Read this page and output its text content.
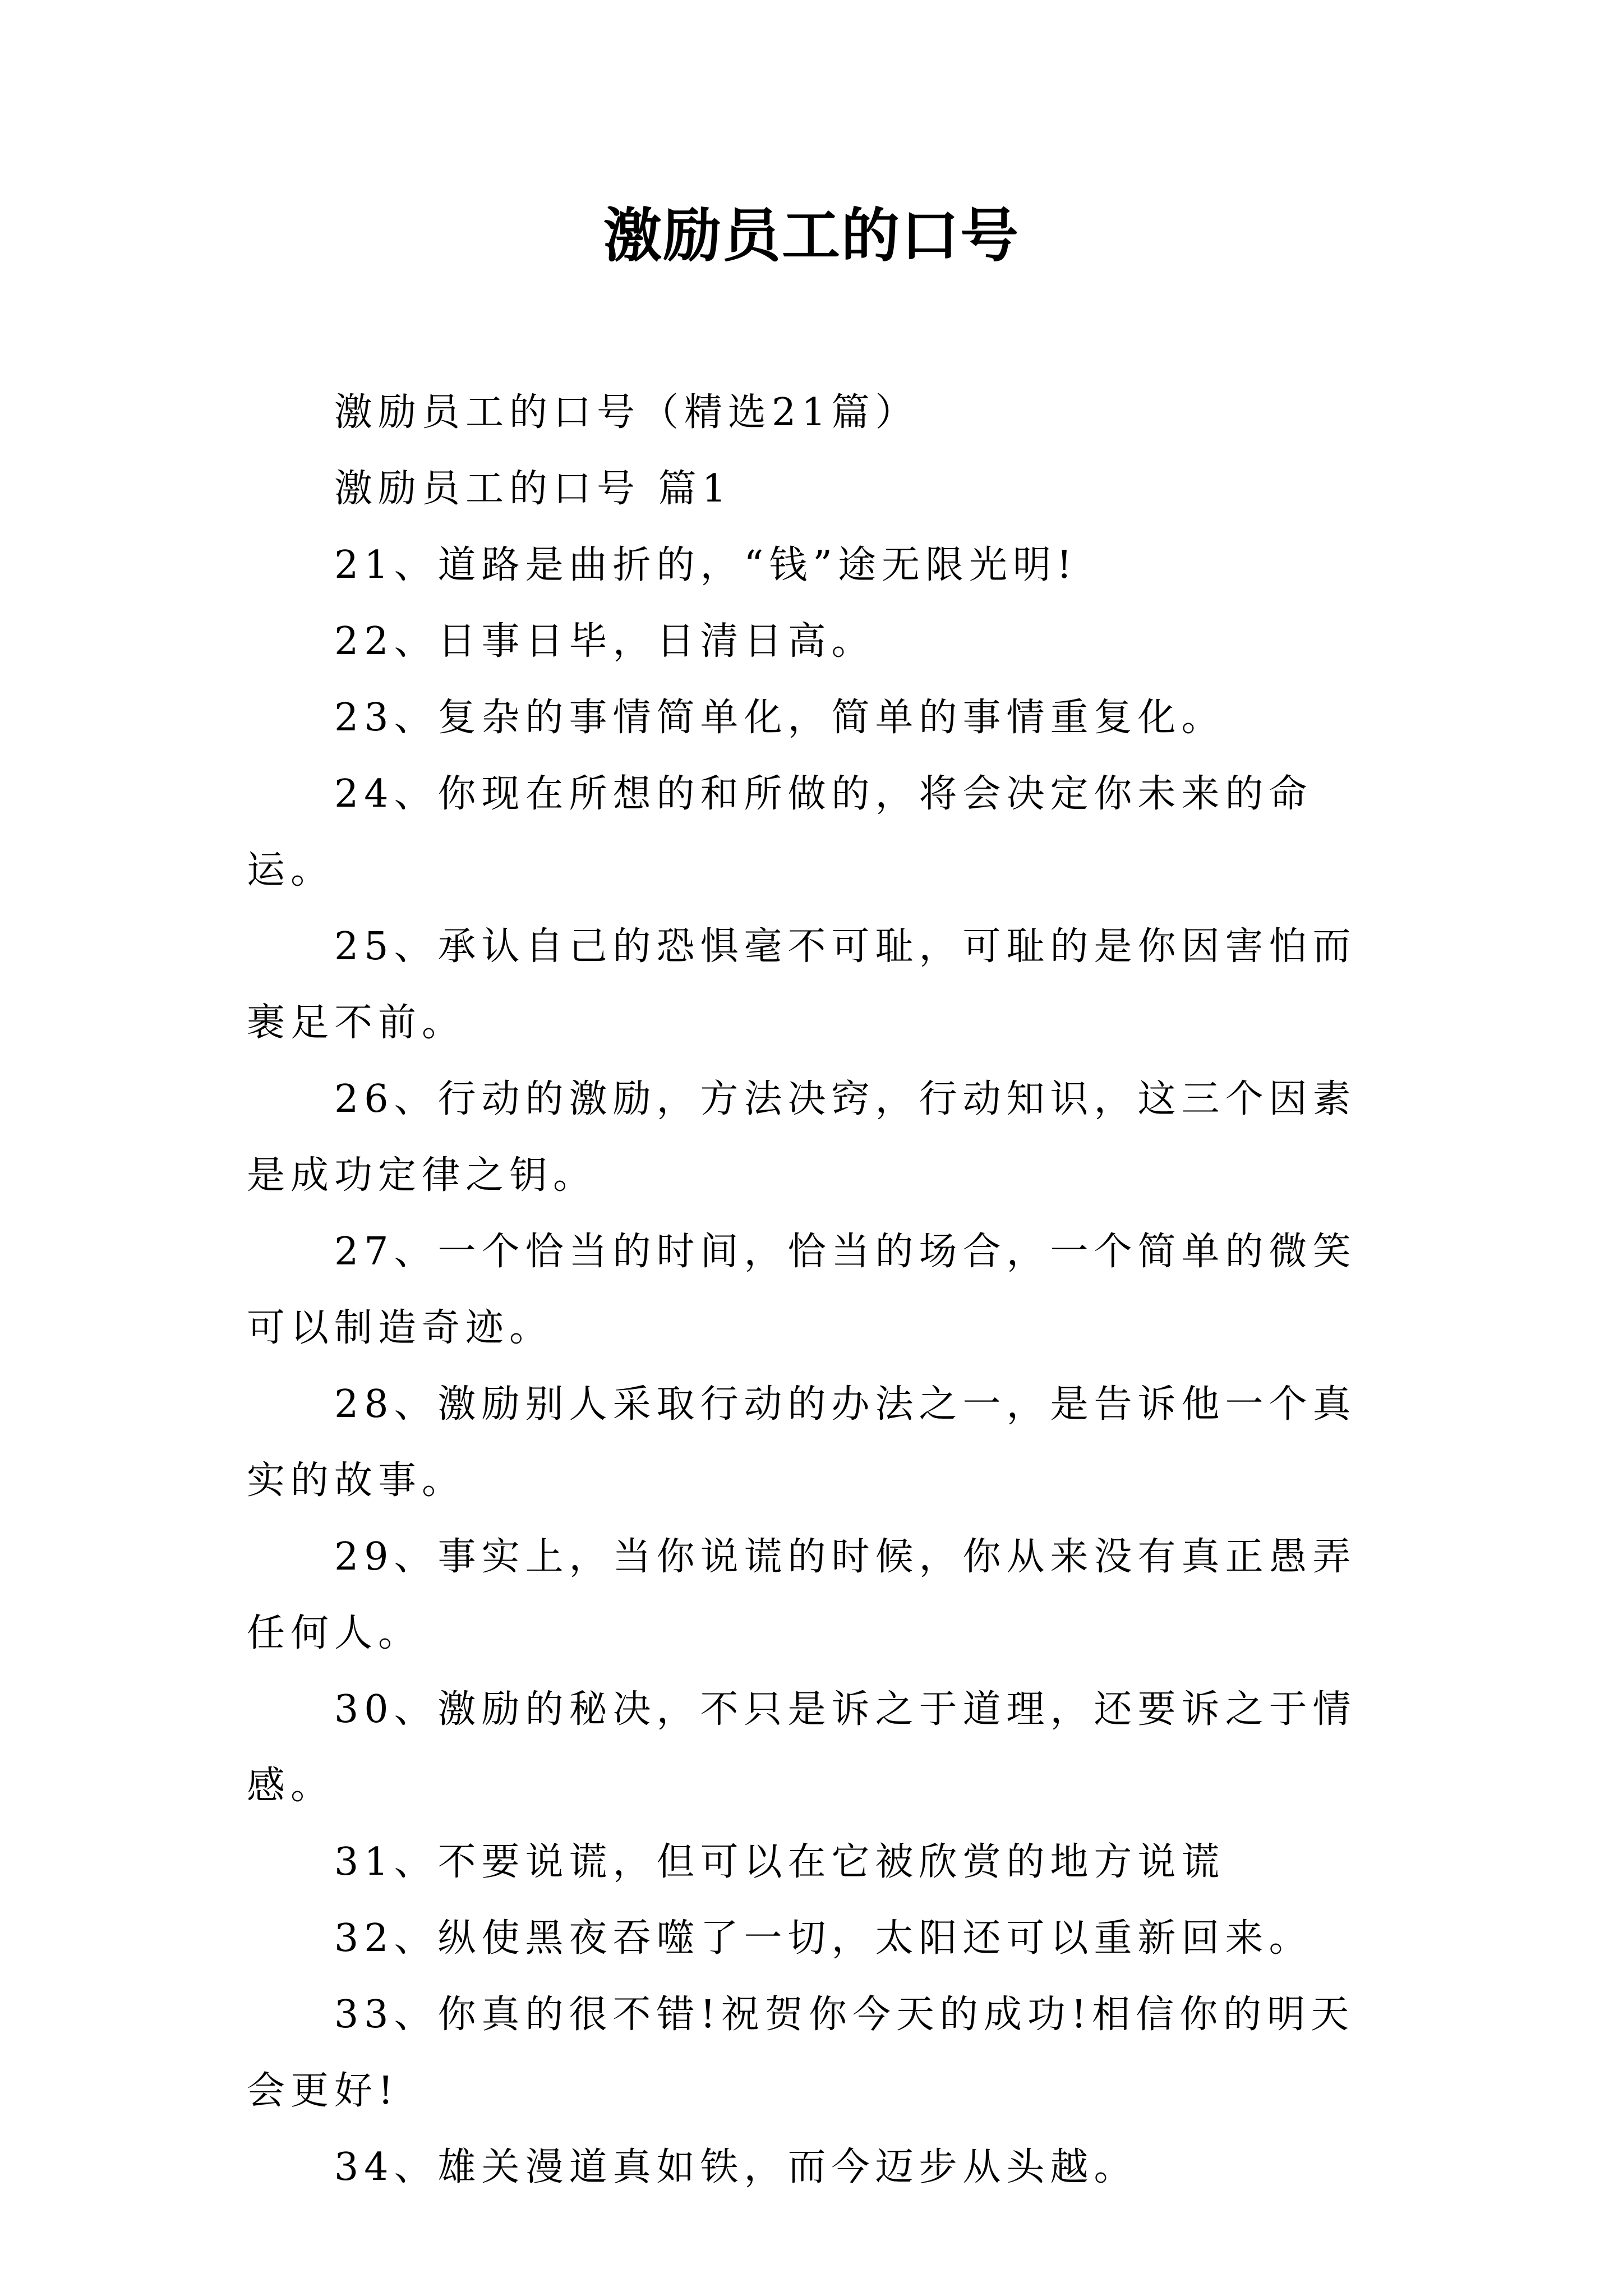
激励员工的口号

激励员工的口号（精选21篇）

激励员工的口号 篇1

21、道路是曲折的，“钱”途无限光明!

22、日事日毕，日清日高。

23、复杂的事情简单化，简单的事情重复化。

24、你现在所想的和所做的，将会决定你未来的命运。

25、承认自己的恐惧毫不可耻，可耻的是你因害怕而裹足不前。

26、行动的激励，方法决窍，行动知识，这三个因素是成功定律之钥。

27、一个恰当的时间，恰当的场合，一个简单的微笑可以制造奇迹。

28、激励别人采取行动的办法之一，是告诉他一个真实的故事。

29、事实上，当你说谎的时候，你从来没有真正愚弄任何人。

30、激励的秘决，不只是诉之于道理，还要诉之于情感。

31、不要说谎，但可以在它被欣赏的地方说谎

32、纵使黑夜吞噬了一切，太阳还可以重新回来。

33、你真的很不错!祝贺你今天的成功!相信你的明天会更好!

34、雄关漫道真如铁，而今迈步从头越。
